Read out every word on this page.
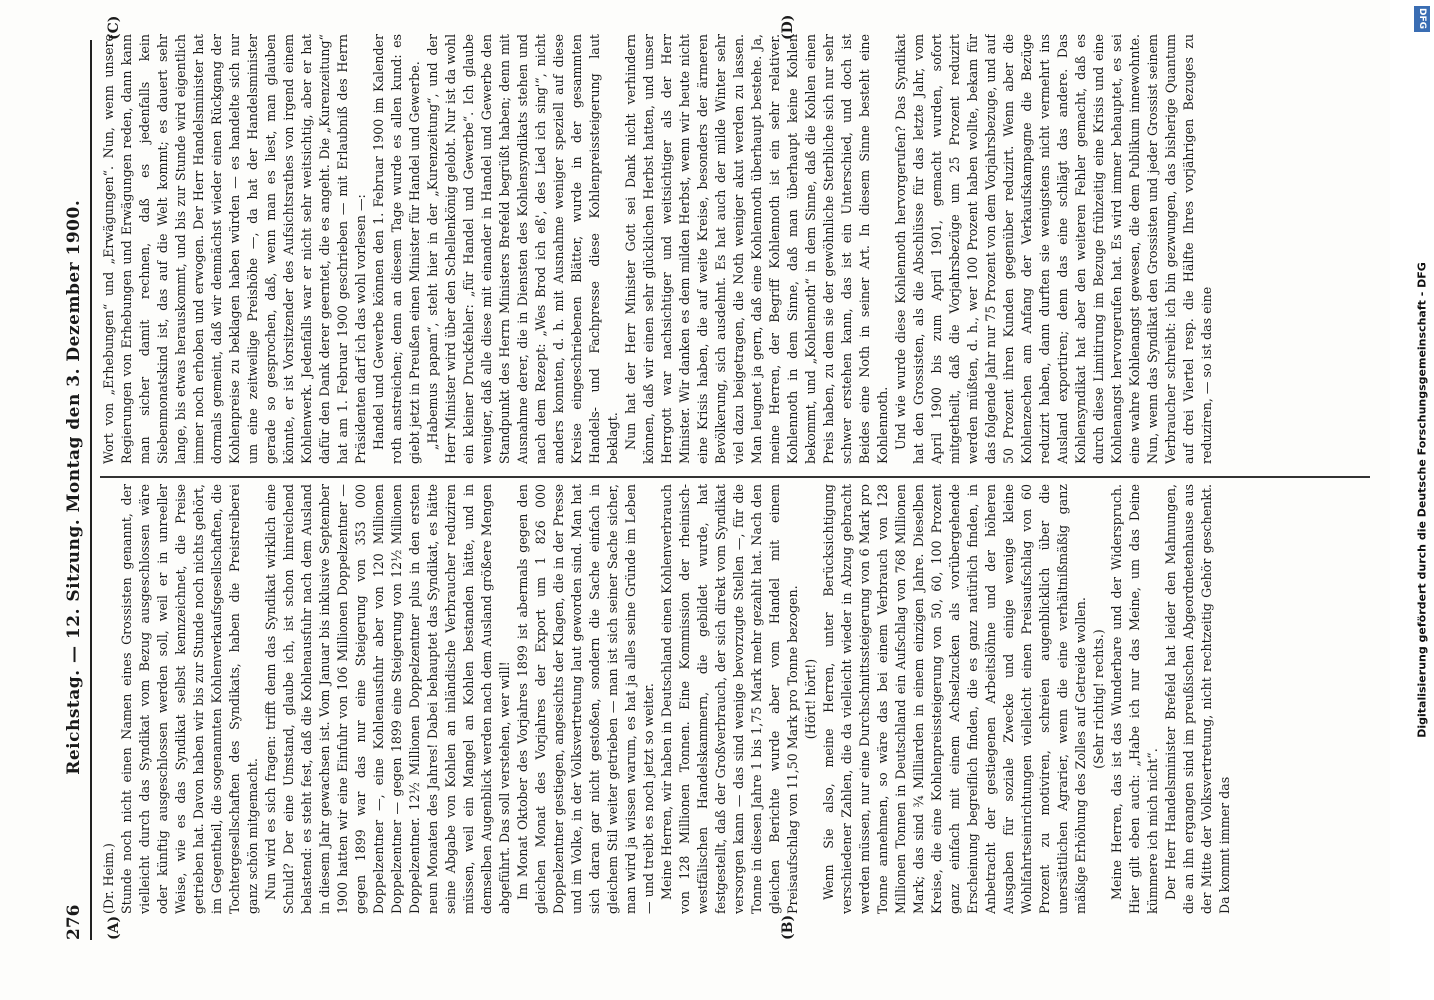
276
Reichstag. — 12. Sitzung. Montag den 3. Dezember 1900.
(A)	(B)
(C)	(D)

(Dr. Heim.) Stunde noch nicht einen Namen eines Grossisten genannt, der vielleicht durch das Syndikat vom Bezug ausgeschlossen wäre oder künftig ausgeschlossen werden soll, weil er in unreeller Weise, wie es das Syndikat selbst kennzeichnet, die Preise getrieben hat. Davon haben wir bis zur Stunde noch nichts gehört, im Gegentheil, die sogenannten Kohlenverkaufsgesellschaften, die Tochtergesellschaften des Syndikats, haben die Preistreiberei ganz schön mitgemacht. Nun wird es sich fragen: trifft denn das Syndikat wirklich eine Schuld? Der eine Umstand, glaube ich, ist schon hinreichend belastend: es steht fest, daß die Kohlenausfuhr nach dem Ausland in diesem Jahr gewachsen ist. Vom Januar bis inklusive September 1900 hatten wir eine Einfuhr von 106 Millionen Doppelzentner — gegen 1899 war das nur eine Steigerung von 353 000 Doppelzentner —, eine Kohlenausfuhr aber von 120 Millionen Doppelzentner — gegen 1899 eine Steigerung von 12½ Millionen Doppelzentner. 12½ Millionen Doppelzentner plus in den ersten neun Monaten des Jahres! Dabei behauptet das Syndikat, es hätte seine Abgabe von Kohlen an inländische Verbraucher reduziren müssen, weil ein Mangel an Kohlen bestanden hätte, und in demselben Augenblick werden nach dem Ausland größere Mengen abgeführt. Das soll verstehen, wer will! Im Monat Oktober des Vorjahres 1899 ist abermals gegen den gleichen Monat des Vorjahres der Export um 1 826 000 Doppelzentner gestiegen, angesichts der Klagen, die in der Presse und im Volke, in der Volksvertretung laut geworden sind. Man hat sich daran gar nicht gestoßen, sondern die Sache einfach in gleichem Stil weiter getrieben — man ist sich seiner Sache sicher, man wird ja wissen warum, es hat ja alles seine Gründe im Leben — und treibt es noch jetzt so weiter. Meine Herren, wir haben in Deutschland einen Kohlenverbrauch von 128 Millionen Tonnen. Eine Kommission der rheinisch-westfälischen Handelskammern, die gebildet wurde, hat festgestellt, daß der Großverbrauch, der sich direkt vom Syndikat versorgen kann — das sind wenige bevorzugte Stellen —, für die Tonne in diesen Jahre 1 bis 1,75 Mark mehr gezahlt hat. Nach den gleichen Berichte wurde aber vom Handel mit einem Preisaufschlag von 11,50 Mark pro Tonne bezogen. (Hört! hört!) Wenn Sie also, meine Herren, unter Berücksichtigung verschiedener Zahlen, die da vielleicht wieder in Abzug gebracht werden müssen, nur eine Durchschnittssteigerung von 6 Mark pro Tonne annehmen, so wäre das bei einem Verbrauch von 128 Millionen Tonnen in Deutschland ein Aufschlag von 768 Millionen Mark; das sind ¾ Milliarden in einem einzigen Jahre. Dieselben Kreise, die eine Kohlenpreissteigerung von 50, 60, 100 Prozent ganz einfach mit einem Achselzucken als vorübergehende Erscheinung begreiflich finden, die es ganz natürlich finden, in Anbetracht der gestiegenen Arbeitslöhne und der höheren Ausgaben für soziale Zwecke und einige wenige kleine Wohlfahrtseinrichtungen vielleicht einen Preisaufschlag von 60 Prozent zu motiviren, schreien augenblicklich über die unersättlichen Agrarier, wenn die eine verhältnißmäßig ganz mäßige Erhöhung des Zolles auf Getreide wollen. (Sehr richtig! rechts.) Meine Herren, das ist das Wunderbare und der Widerspruch. Hier gilt eben auch: „Habe ich nur das Meine, um das Deine kümmere ich mich nicht“. Der Herr Handelsminister Brefeld hat leider den Mahnungen, die an ihn ergangen sind im preußischen Abgeordnetenhause aus der Mitte der Volksvertretung, nicht rechtzeitig Gehör geschenkt. Da kommt immer das

Wort von „Erhebungen“ und „Erwägungen“. Nun, wenn unsere Regierungen von Erhebungen und Erwägungen reden, dann kann man sicher damit rechnen, daß es jedenfalls kein Siebenmonatskind ist, das auf die Welt kommt; es dauert sehr lange, bis etwas herauskommt, und bis zur Stunde wird eigentlich immer noch erhoben und erwogen. Der Herr Handelsminister hat dormals gemeint, daß wir demnächst wieder einen Rückgang der Kohlenpreise zu beklagen haben würden — es handelte sich nur um eine zeitweilige Preishöhe —, da hat der Handelsminister gerade so gesprochen, daß, wenn man es liest, man glauben könnte, er ist Vorsitzender des Aufsichtsrathes von irgend einem Kohlenwerk. Jedenfalls war er nicht sehr weitsichtig, aber er hat dafür den Dank derer geerntet, die es angeht. Die „Kurenzeitung“ hat am 1. Februar 1900 geschrieben — mit Erlaubniß des Herrn Präsidenten darf ich das wohl vorlesen —: Handel und Gewerbe können den 1. Februar 1900 im Kalender roth anstreichen; denn an diesem Tage wurde es allen kund: es giebt jetzt in Preußen einen Minister für Handel und Gewerbe. „Habemus papam“, steht hier in der „Kurenzeitung“, und der Herr Minister wird über den Schellenkönig gelobt. Nur ist da wohl ein kleiner Druckfehler: „für Handel und Gewerbe“. Ich glaube weniger, daß alle diese mit einander in Handel und Gewerbe den Standpunkt des Herrn Ministers Brefeld begrüßt haben; denn mit Ausnahme derer, die in Diensten des Kohlensyndikats stehen und nach dem Rezept: „Wes Brod ich eß', des Lied ich sing'“, nicht anders konnten, d. h. mit Ausnahme weniger speziell auf diese Kreise eingeschriebenen Blätter, wurde in der gesammten Handels- und Fachpresse diese Kohlenpreissteigerung laut beklagt. Nun hat der Herr Minister Gott sei Dank nicht verhindern können, daß wir einen sehr glücklichen Herbst hatten, und unser Herrgott war nachsichtiger und weitsichtiger als der Herr Minister. Wir danken es dem milden Herbst, wenn wir heute nicht eine Krisis haben, die auf weite Kreise, besonders der ärmeren Bevölkerung, sich ausdehnt. Es hat auch der milde Winter sehr viel dazu beigetragen, die Noth weniger akut werden zu lassen. Man leugnet ja gern, daß eine Kohlennoth überhaupt bestehe. Ja, meine Herren, der Begriff Kohlennoth ist ein sehr relativer. Kohlennoth in dem Sinne, daß man überhaupt keine Kohlen bekommt, und „Kohlennoth“ in dem Sinne, daß die Kohlen einen Preis haben, zu dem sie der gewöhnliche Sterbliche sich nur sehr schwer erstehen kann, das ist ein Unterschied, und doch ist Beides eine Noth in seiner Art. In diesem Sinne besteht eine Kohlennoth. Und wie wurde diese Kohlennoth hervorgerufen? Das Syndikat hat den Grossisten, als die Abschlüsse für das letzte Jahr, vom April 1900 bis zum April 1901, gemacht wurden, sofort mitgetheilt, daß die Vorjahrsbezüge um 25 Prozent reduzirt werden müßten, d. h., wer 100 Prozent haben wollte, bekam für das folgende Jahr nur 75 Prozent von dem Vorjahrsbezuge, und auf 50 Prozent ihren Kunden gegenüber reduzirt. Wenn aber die Kohlenzechen am Anfang der Verkaufskampagne die Bezüge reduzirt haben, dann durften sie wenigstens nicht vermehrt ins Ausland exportiren; denn das eine schlägt das andere. Das Kohlensyndikat hat aber den weiteren Fehler gemacht, daß es durch diese Limitirung im Bezuge frühzeitig eine Krisis und eine Kohlenangst hervorgerufen hat. Es wird immer behauptet, es sei eine wahre Kohlenangst gewesen, die dem Publikum innewohnte. Nun, wenn das Syndikat den Grossisten und jeder Grossist seinem Verbraucher schreibt: ich bin gezwungen, das bisherige Quantum auf drei Viertel resp. die Hälfte Ihres vorjährigen Bezuges zu reduziren, — so ist das eine

DFG
Digitalisierung gefördert durch die Deutsche Forschungsgemeinschaft - DFG
